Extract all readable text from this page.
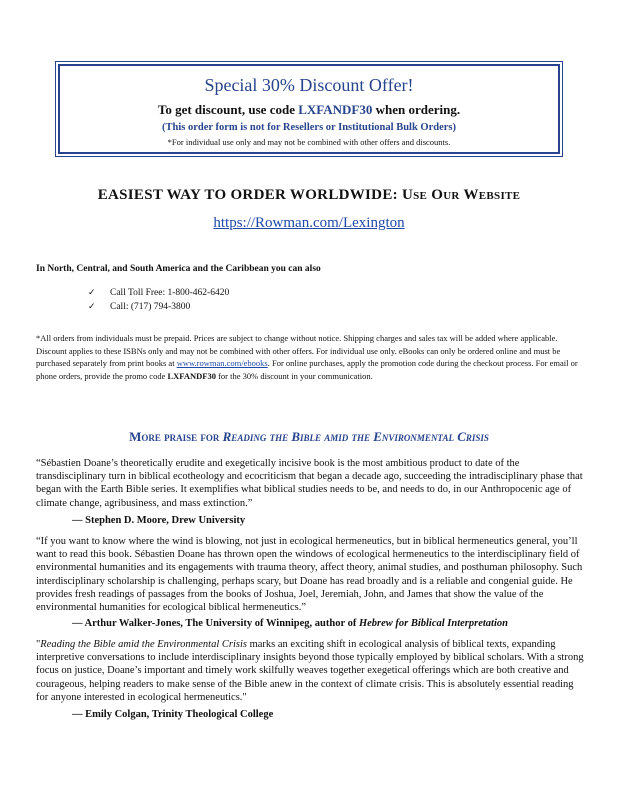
Special 30% Discount Offer!
To get discount, use code LXFANDF30 when ordering.
(This order form is not for Resellers or Institutional Bulk Orders)
*For individual use only and may not be combined with other offers and discounts.
EASIEST WAY TO ORDER WORLDWIDE: Use Our Website
https://Rowman.com/Lexington
In North, Central, and South America and the Caribbean you can also
✓	Call Toll Free: 1-800-462-6420
✓	Call: (717) 794-3800
*All orders from individuals must be prepaid. Prices are subject to change without notice. Shipping charges and sales tax will be added where applicable. Discount applies to these ISBNs only and may not be combined with other offers. For individual use only. eBooks can only be ordered online and must be purchased separately from print books at www.rowman.com/ebooks. For online purchases, apply the promotion code during the checkout process. For email or phone orders, provide the promo code LXFANDF30 for the 30% discount in your communication.
More praise for Reading the Bible amid the Environmental Crisis
“Sébastien Doane’s theoretically erudite and exegetically incisive book is the most ambitious product to date of the transdisciplinary turn in biblical ecotheology and ecocriticism that began a decade ago, succeeding the intradisciplinary phase that began with the Earth Bible series. It exemplifies what biblical studies needs to be, and needs to do, in our Anthropocenic age of climate change, agribusiness, and mass extinction.”
— Stephen D. Moore, Drew University
“If you want to know where the wind is blowing, not just in ecological hermeneutics, but in biblical hermeneutics general, you’ll want to read this book. Sébastien Doane has thrown open the windows of ecological hermeneutics to the interdisciplinary field of environmental humanities and its engagements with trauma theory, affect theory, animal studies, and posthuman philosophy. Such interdisciplinary scholarship is challenging, perhaps scary, but Doane has read broadly and is a reliable and congenial guide. He provides fresh readings of passages from the books of Joshua, Joel, Jeremiah, John, and James that show the value of the environmental humanities for ecological biblical hermeneutics.”
— Arthur Walker-Jones, The University of Winnipeg, author of Hebrew for Biblical Interpretation
"Reading the Bible amid the Environmental Crisis marks an exciting shift in ecological analysis of biblical texts, expanding interpretive conversations to include interdisciplinary insights beyond those typically employed by biblical scholars. With a strong focus on justice, Doane’s important and timely work skilfully weaves together exegetical offerings which are both creative and courageous, helping readers to make sense of the Bible anew in the context of climate crisis. This is absolutely essential reading for anyone interested in ecological hermeneutics."
— Emily Colgan, Trinity Theological College
